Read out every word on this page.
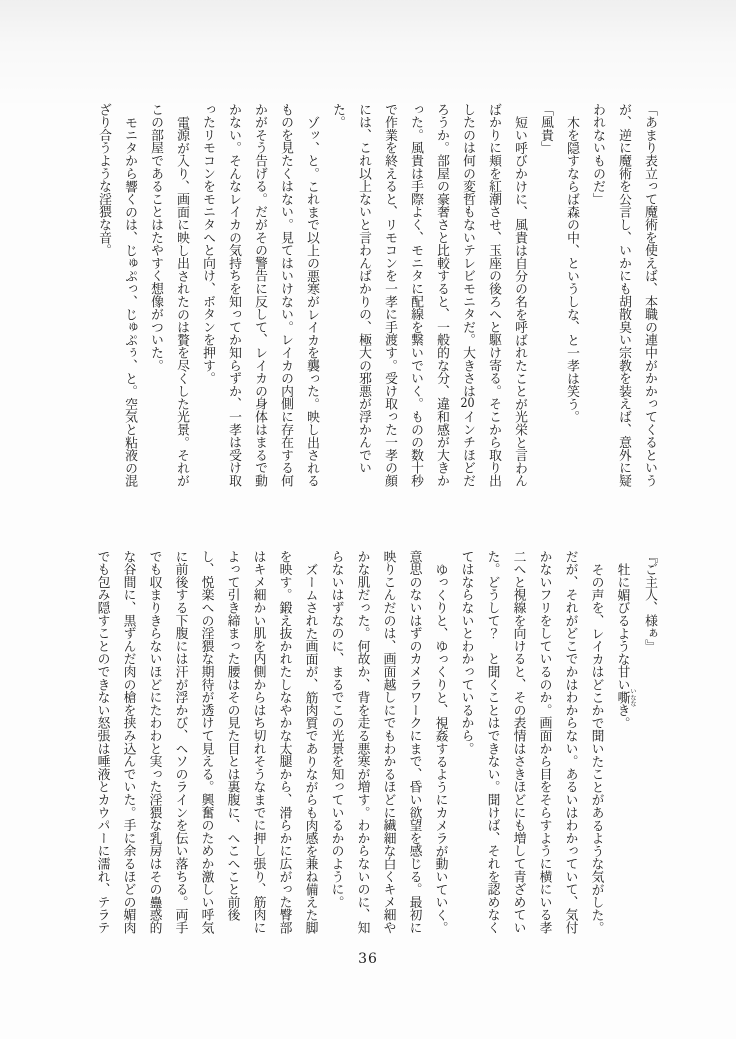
「あまり表立って魔術を使えば、本職の連中がかかってくるという
が、逆に魔術を公言し、いかにも胡散臭い宗教を装えば、意外に疑
われないものだ」
木を隠すならば森の中、というしな、と一孝は笑う。
「風貴」
短い呼びかけに、風貴は自分の名を呼ばれたことが光栄と言わん
ばかりに頬を紅潮させ、玉座の後ろへと駆け寄る。そこから取り出
したのは何の変哲もないテレビモニタだ。大きさは20インチほどだ
ろうか。部屋の豪奢さと比較すると、一般的な分、違和感が大きか
った。風貴は手際よく、モニタに配線を繋いでいく。ものの数十秒
で作業を終えると、リモコンを一孝に手渡す。受け取った一孝の顔
には、これ以上ないと言わんばかりの、極大の邪悪が浮かんでい
た。
ゾッ、と。これまで以上の悪寒がレイカを襲った。映し出される
ものを見たくはない。見てはいけない。レイカの内側に存在する何
かがそう告げる。だがその警告に反して、レイカの身体はまるで動
かない。そんなレイカの気持ちを知ってか知らずか、一孝は受け取
ったリモコンをモニタへと向け、ボタンを押す。
電源が入り、画面に映し出されたのは贅を尽くした光景。それが
この部屋であることはたやすく想像がついた。
モニタから響くのは、じゅぷっ、じゅぷぅ、と。空気と粘液の混
ざり合うような淫猥な音。
『ご主人、様ぁ』
牡に媚びるような甘い嘶 いななき。
その声を、レイカはどこかで聞いたことがあるような気がした。
だが、それがどこでかはわからない。あるいはわかっていて、気付
かないフリをしているのか。画面から目をそらすように横にいる孝
二へと視線を向けると、その表情はさきほどにも増して青ざめてい
た。どうして？　と聞くことはできない。聞けば、それを認めなく
てはならないとわかっているから。
ゆっくりと、ゆっくりと、視姦するようにカメラが動いていく。
意思のないはずのカメラワークにまで、昏い欲望を感じる。最初に
映りこんだのは、画面越しにでもわかるほどに繊細な白くキメ細や
かな肌だった。何故か、背を走る悪寒が増す。わからないのに、知
らないはずなのに、まるでこの光景を知っているかのように。
ズームされた画面が、筋肉質でありながらも肉感を兼ね備えた脚
を映す。鍛え抜かれたしなやかな太腿から、滑らかに広がった臀部
はキメ細かい肌を内側からはち切れそうなまでに押し張り、筋肉に
よって引き締まった腰はその見た目とは裏腹に、へこへこと前後
し、悦楽への淫猥な期待が透けて見える。興奮のためか激しい呼気
に前後する下腹には汗が浮かび、ヘソのラインを伝い落ちる。両手
でも収まりきらないほどにたわわと実った淫猥な乳房はその蠱惑的
な谷間に、黒ずんだ肉の槍を挟み込んでいた。手に余るほどの媚肉
でも包み隠すことのできない怒張は唾液とカウパーに濡れ、テラテ
36
